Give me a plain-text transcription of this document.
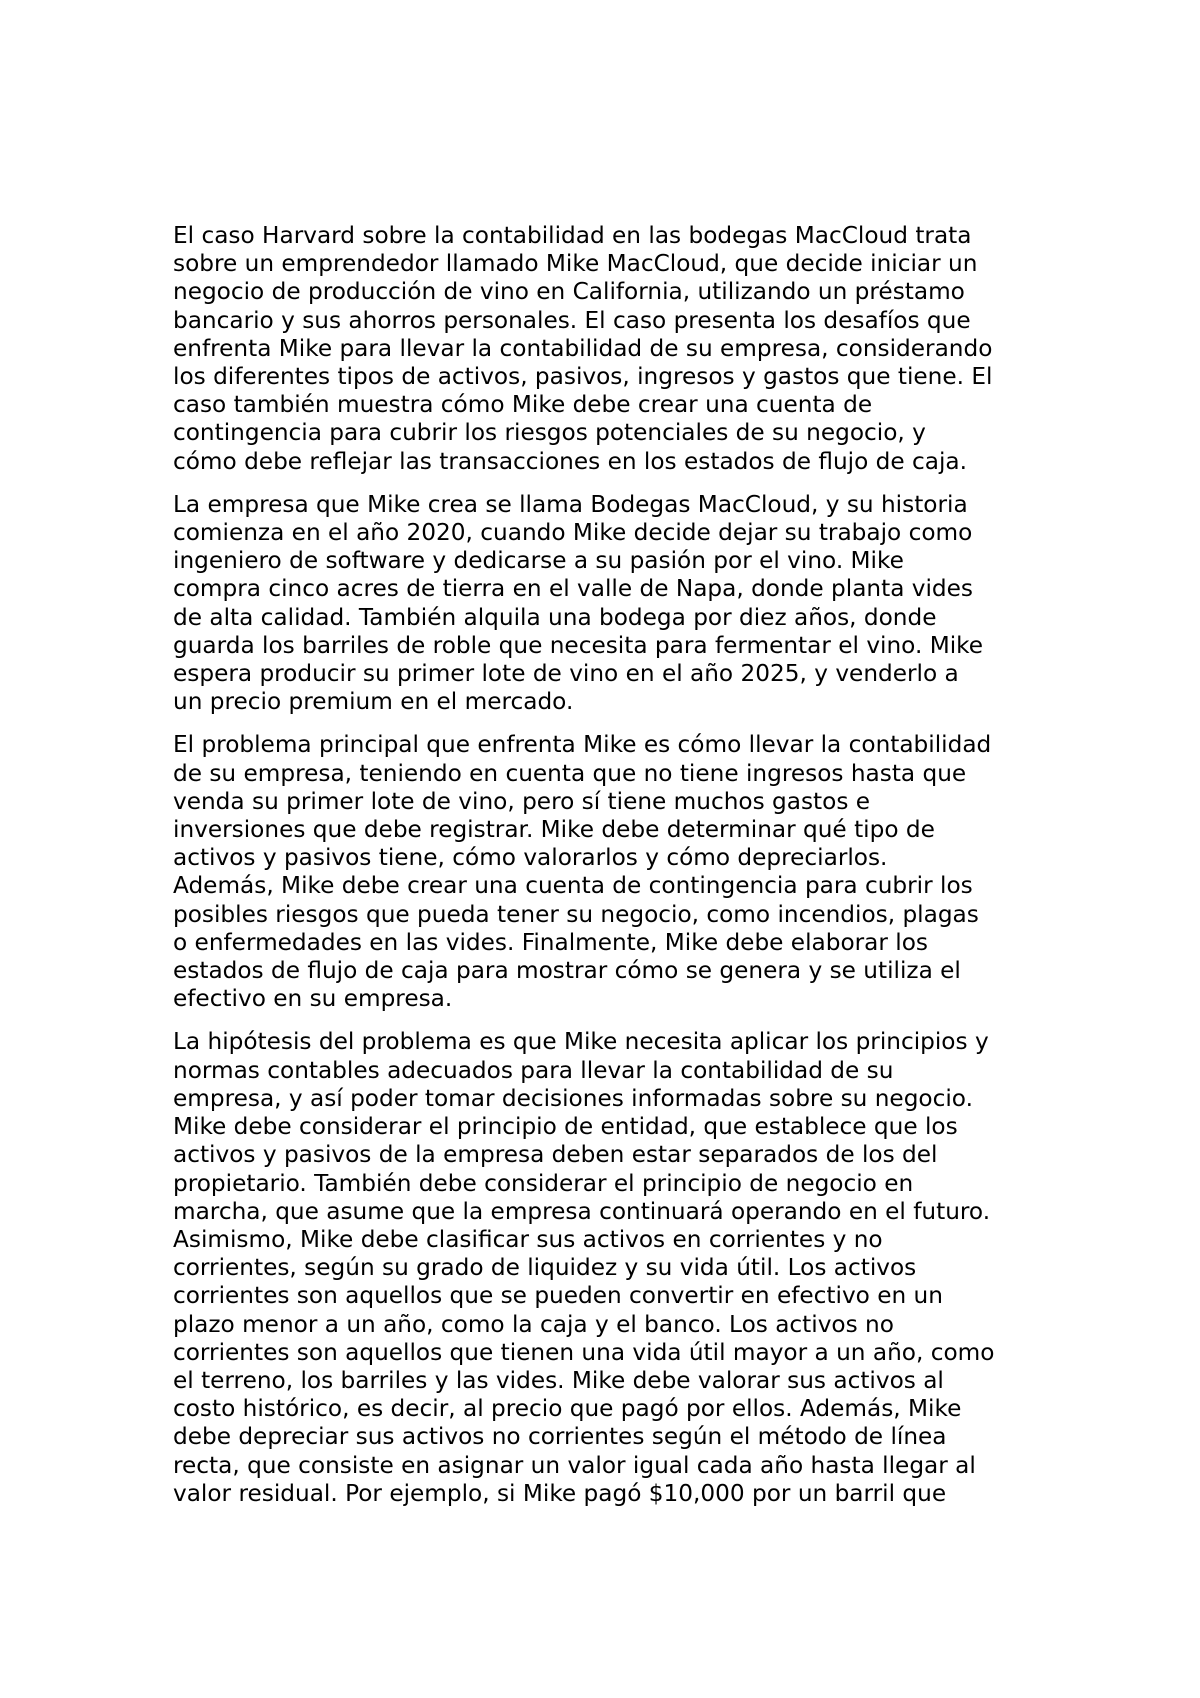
El caso Harvard sobre la contabilidad en las bodegas MacCloud trata
sobre un emprendedor llamado Mike MacCloud, que decide iniciar un
negocio de producción de vino en California, utilizando un préstamo
bancario y sus ahorros personales. El caso presenta los desafíos que
enfrenta Mike para llevar la contabilidad de su empresa, considerando
los diferentes tipos de activos, pasivos, ingresos y gastos que tiene. El
caso también muestra cómo Mike debe crear una cuenta de
contingencia para cubrir los riesgos potenciales de su negocio, y
cómo debe reflejar las transacciones en los estados de flujo de caja.

La empresa que Mike crea se llama Bodegas MacCloud, y su historia
comienza en el año 2020, cuando Mike decide dejar su trabajo como
ingeniero de software y dedicarse a su pasión por el vino. Mike
compra cinco acres de tierra en el valle de Napa, donde planta vides
de alta calidad. También alquila una bodega por diez años, donde
guarda los barriles de roble que necesita para fermentar el vino. Mike
espera producir su primer lote de vino en el año 2025, y venderlo a
un precio premium en el mercado.

El problema principal que enfrenta Mike es cómo llevar la contabilidad
de su empresa, teniendo en cuenta que no tiene ingresos hasta que
venda su primer lote de vino, pero sí tiene muchos gastos e
inversiones que debe registrar. Mike debe determinar qué tipo de
activos y pasivos tiene, cómo valorarlos y cómo depreciarlos.
Además, Mike debe crear una cuenta de contingencia para cubrir los
posibles riesgos que pueda tener su negocio, como incendios, plagas
o enfermedades en las vides. Finalmente, Mike debe elaborar los
estados de flujo de caja para mostrar cómo se genera y se utiliza el
efectivo en su empresa.

La hipótesis del problema es que Mike necesita aplicar los principios y
normas contables adecuados para llevar la contabilidad de su
empresa, y así poder tomar decisiones informadas sobre su negocio.
Mike debe considerar el principio de entidad, que establece que los
activos y pasivos de la empresa deben estar separados de los del
propietario. También debe considerar el principio de negocio en
marcha, que asume que la empresa continuará operando en el futuro.
Asimismo, Mike debe clasificar sus activos en corrientes y no
corrientes, según su grado de liquidez y su vida útil. Los activos
corrientes son aquellos que se pueden convertir en efectivo en un
plazo menor a un año, como la caja y el banco. Los activos no
corrientes son aquellos que tienen una vida útil mayor a un año, como
el terreno, los barriles y las vides. Mike debe valorar sus activos al
costo histórico, es decir, al precio que pagó por ellos. Además, Mike
debe depreciar sus activos no corrientes según el método de línea
recta, que consiste en asignar un valor igual cada año hasta llegar al
valor residual. Por ejemplo, si Mike pagó $10,000 por un barril que
